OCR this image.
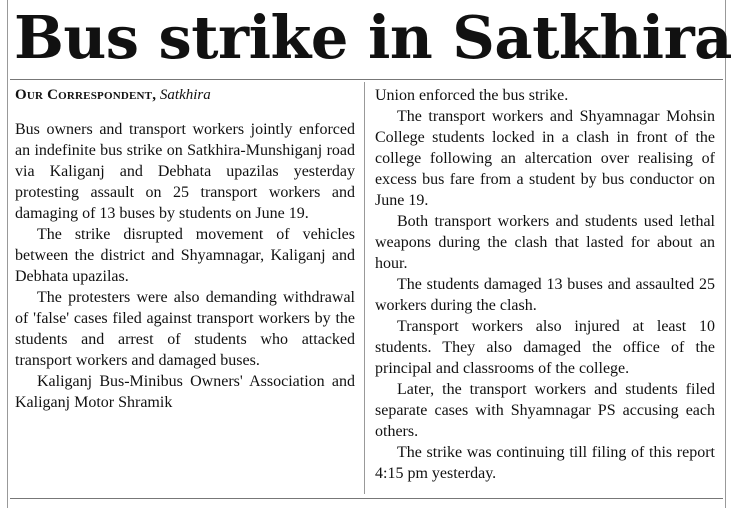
Bus strike in Satkhira
Our Correspondent, Satkhira

Bus owners and transport workers jointly enforced an indefinite bus strike on Satkhira-Munshiganj road via Kaliganj and Debhata upazilas yesterday protesting assault on 25 transport workers and damaging of 13 buses by students on June 19.

The strike disrupted movement of vehicles between the district and Shyamnagar, Kaliganj and Debhata upazilas.

The protesters were also demanding withdrawal of 'false' cases filed against transport workers by the students and arrest of students who attacked transport workers and damaged buses.

Kaliganj Bus-Minibus Owners' Association and Kaliganj Motor Shramik

Union enforced the bus strike.

The transport workers and Shyamnagar Mohsin College students locked in a clash in front of the college following an altercation over realising of excess bus fare from a student by bus conductor on June 19.

Both transport workers and students used lethal weapons during the clash that lasted for about an hour.

The students damaged 13 buses and assaulted 25 workers during the clash.

Transport workers also injured at least 10 students. They also damaged the office of the principal and classrooms of the college.

Later, the transport workers and students filed separate cases with Shyamnagar PS accusing each others.

The strike was continuing till filing of this report 4:15 pm yesterday.
